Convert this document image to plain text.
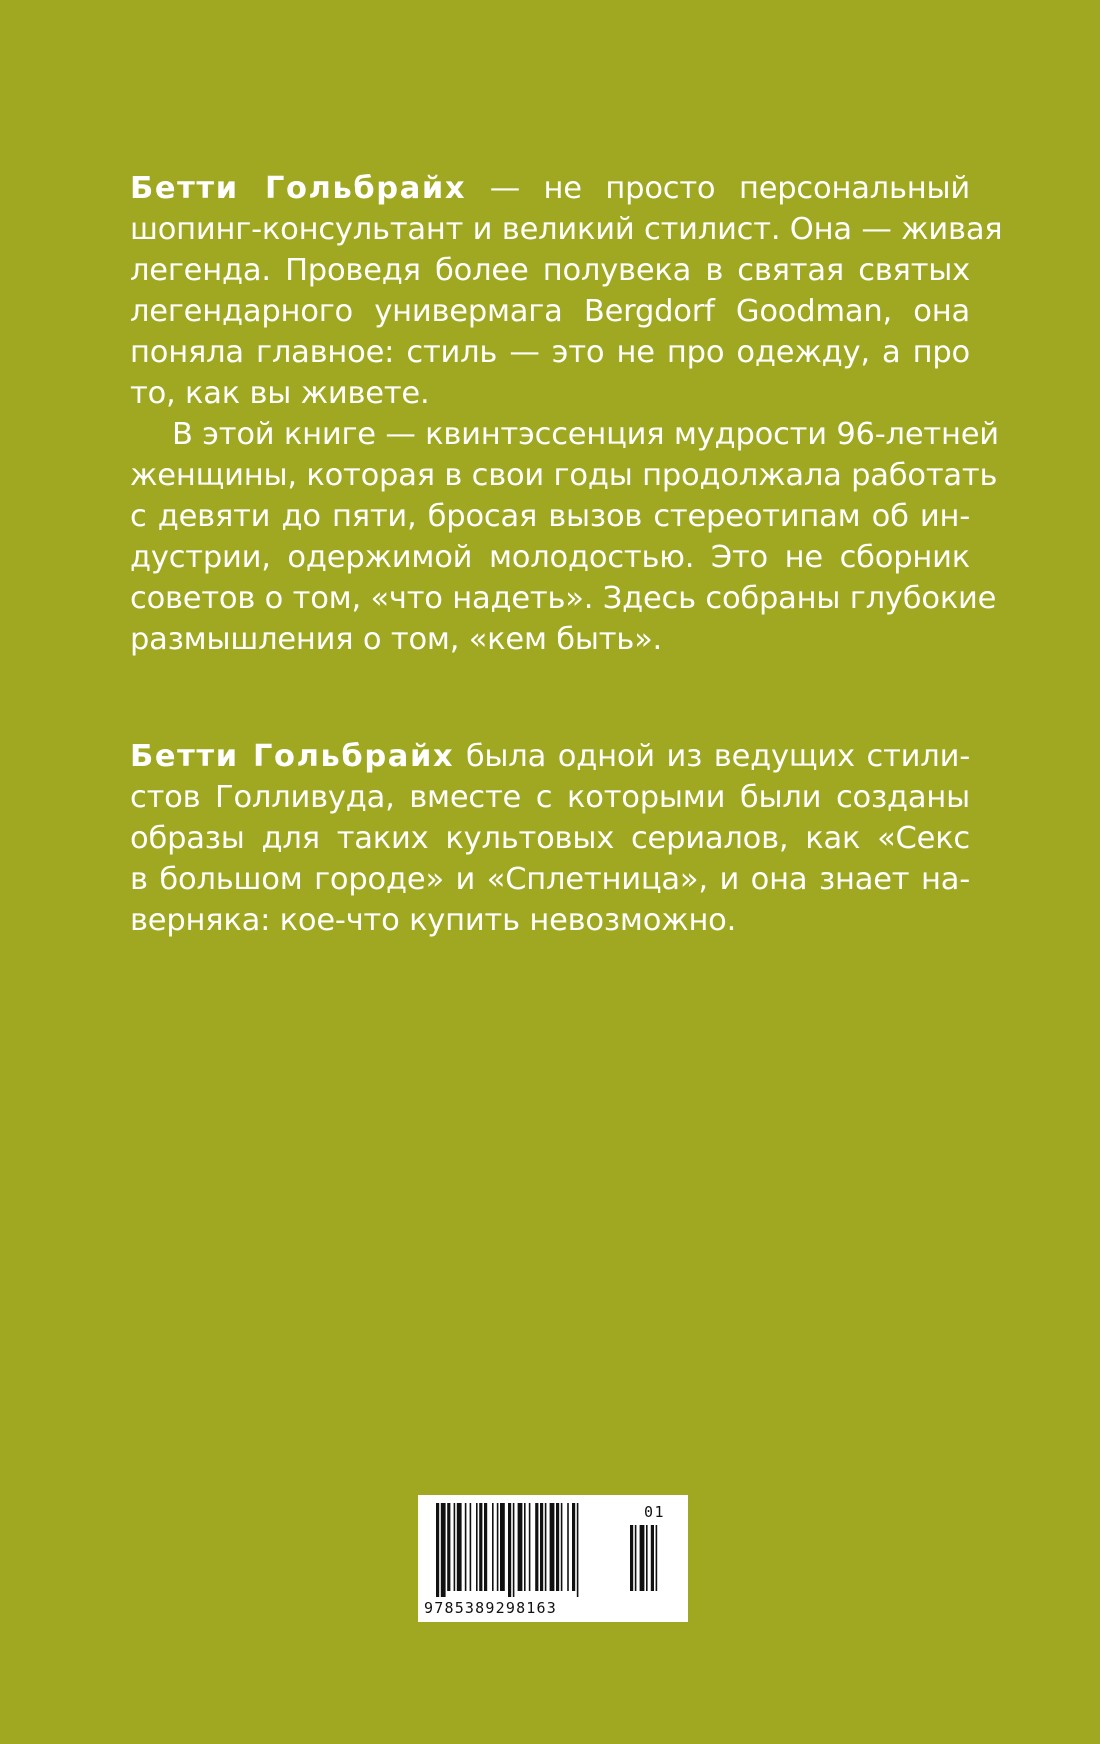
Бетти Гольбрайх — не просто персональный
шопинг-консультант и великий стилист. Она — живая
легенда. Проведя более полувека в святая святых
легендарного универмага Bergdorf Goodman, она
поняла главное: стиль — это не про одежду, а про
то, как вы живете.
В этой книге — квинтэссенция мудрости 96-летней
женщины, которая в свои годы продолжала работать
с девяти до пяти, бросая вызов стереотипам об ин-
дустрии, одержимой молодостью. Это не сборник
советов о том, «что надеть». Здесь собраны глубокие
размышления о том, «кем быть».
Бетти Гольбрайх была одной из ведущих стили-
стов Голливуда, вместе с которыми были созданы
образы для таких культовых сериалов, как «Секс
в большом городе» и «Сплетница», и она знает на-
верняка: кое-что купить невозможно.
9785389298163
01
